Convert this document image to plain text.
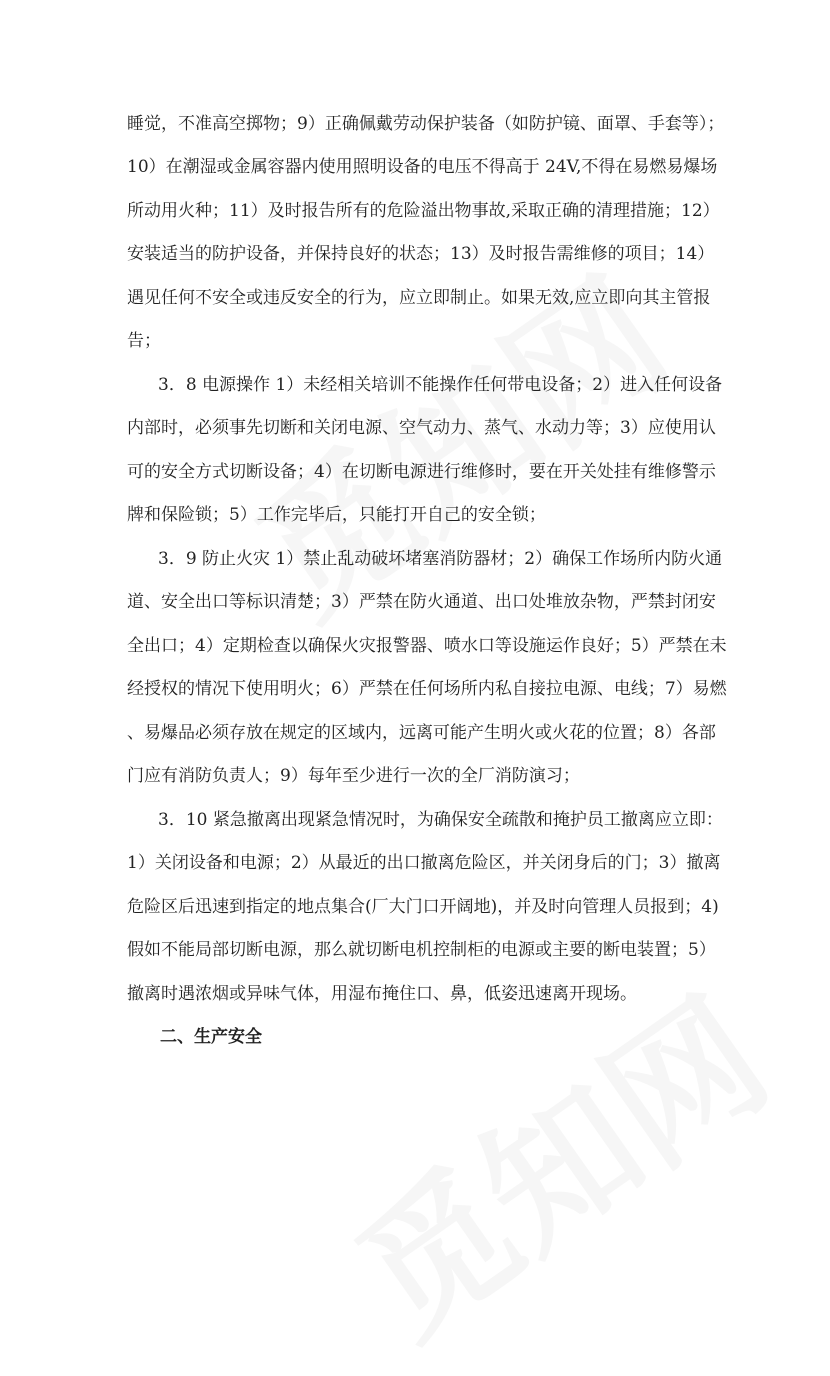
睡觉，不准高空掷物；9）正确佩戴劳动保护装备（如防护镜、面罩、手套等）；
10）在潮湿或金属容器内使用照明设备的电压不得高于 24V,不得在易燃易爆场
所动用火种；11）及时报告所有的危险溢出物事故,采取正确的清理措施；12）
安装适当的防护设备，并保持良好的状态；13）及时报告需维修的项目；14）
遇见任何不安全或违反安全的行为，应立即制止。如果无效,应立即向其主管报
告；
3．8 电源操作 1）未经相关培训不能操作任何带电设备；2）进入任何设备
内部时，必须事先切断和关闭电源、空气动力、蒸气、水动力等；3）应使用认
可的安全方式切断设备；4）在切断电源进行维修时，要在开关处挂有维修警示
牌和保险锁；5）工作完毕后，只能打开自己的安全锁；
3．9 防止火灾 1）禁止乱动破坏堵塞消防器材；2）确保工作场所内防火通
道、安全出口等标识清楚；3）严禁在防火通道、出口处堆放杂物，严禁封闭安
全出口；4）定期检查以确保火灾报警器、喷水口等设施运作良好；5）严禁在未
经授权的情况下使用明火；6）严禁在任何场所内私自接拉电源、电线；7）易燃
、易爆品必须存放在规定的区域内，远离可能产生明火或火花的位置；8）各部
门应有消防负责人；9）每年至少进行一次的全厂消防演习；
3．10 紧急撤离出现紧急情况时，为确保安全疏散和掩护员工撤离应立即：
1）关闭设备和电源；2）从最近的出口撤离危险区，并关闭身后的门；3）撤离
危险区后迅速到指定的地点集合(厂大门口开阔地)，并及时向管理人员报到；4)
假如不能局部切断电源，那么就切断电机控制柜的电源或主要的断电装置；5）
撤离时遇浓烟或异味气体，用湿布掩住口、鼻，低姿迅速离开现场。
二、生产安全
